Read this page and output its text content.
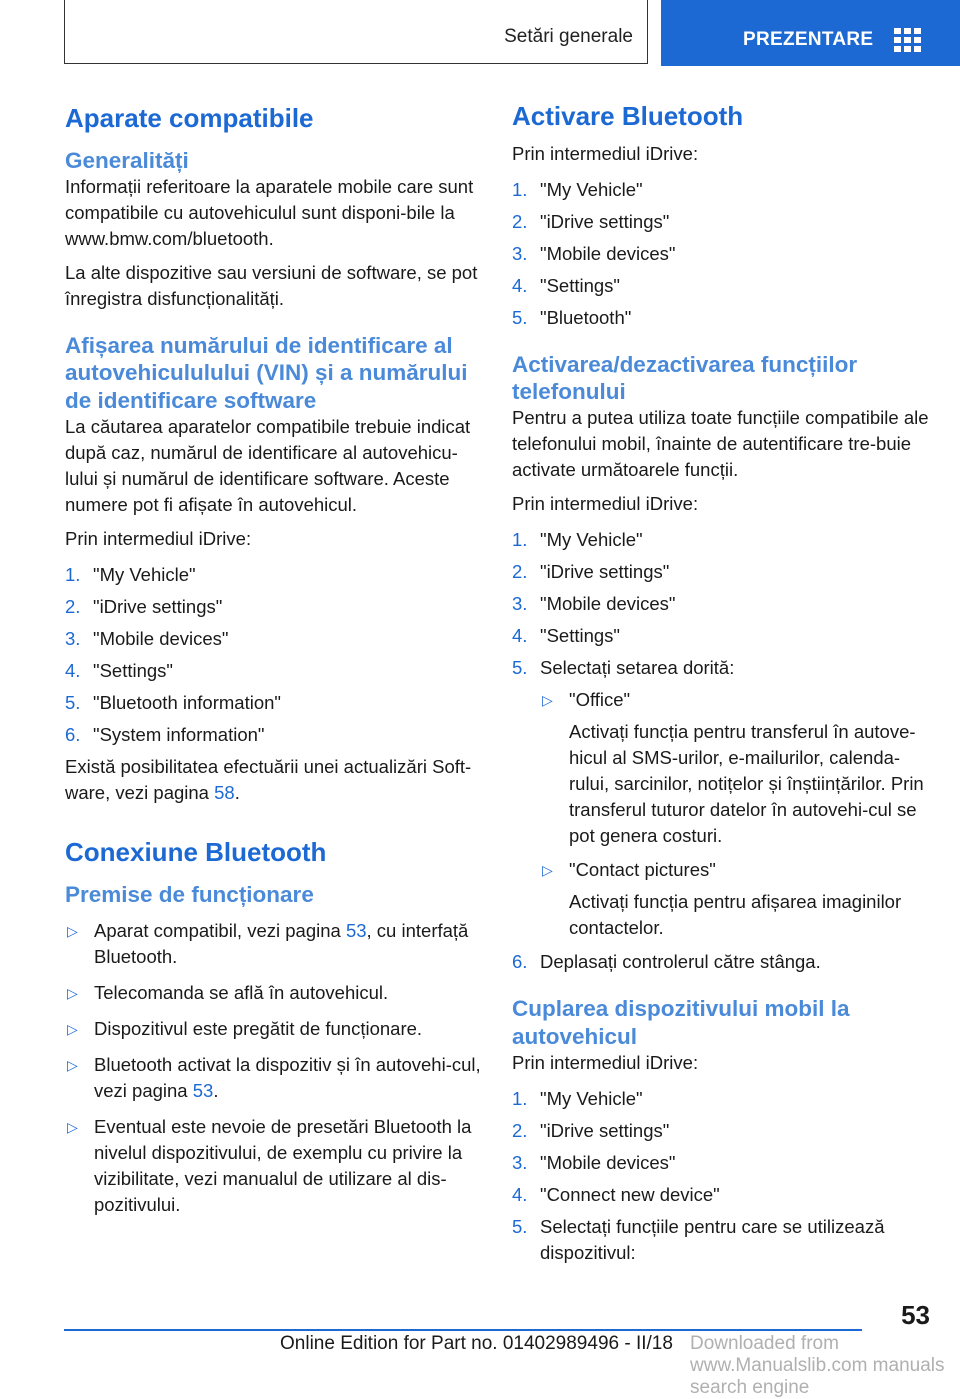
Setări generale	PREZENTARE
Aparate compatibile
Generalități

Informații referitoare la aparatele mobile care sunt compatibile cu autovehiculul sunt disponi‐bile la www.bmw.com/bluetooth.

La alte dispozitive sau versiuni de software, se pot înregistra disfuncționalități.

Afișarea numărului de identificare al autovehicululului (VIN) și a numărului de identificare software

La căutarea aparatelor compatibile trebuie indicat după caz, numărul de identificare al autovehicu‐lului și numărul de identificare software. Aceste numere pot fi afișate în autovehicul.

Prin intermediul iDrive:

1. "My Vehicle"
2. "iDrive settings"
3. "Mobile devices"
4. "Settings"
5. "Bluetooth information"
6. "System information"

Există posibilitatea efectuării unei actualizări Soft‐ware, vezi pagina 58.

Conexiune Bluetooth
Premise de funcționare
▷ Aparat compatibil, vezi pagina 53, cu interfață Bluetooth.
▷ Telecomanda se află în autovehicul.
▷ Dispozitivul este pregătit de funcționare.
▷ Bluetooth activat la dispozitiv și în autovehi‐cul, vezi pagina 53.
▷ Eventual este nevoie de presetări Bluetooth la nivelul dispozitivului, de exemplu cu privire la vizibilitate, vezi manualul de utilizare al dis‐pozitivului.
Activare Bluetooth

Prin intermediul iDrive:

1. "My Vehicle"
2. "iDrive settings"
3. "Mobile devices"
4. "Settings"
5. "Bluetooth"
Activarea/dezactivarea funcțiilor telefonului

Pentru a putea utiliza toate funcțiile compatibile ale telefonului mobil, înainte de autentificare tre‐buie activate următoarele funcții.

Prin intermediul iDrive:

1. "My Vehicle"
2. "iDrive settings"
3. "Mobile devices"
4. "Settings"
5. Selectați setarea dorită:
▷ "Office"
Activați funcția pentru transferul în autove‐hicul al SMS-urilor, e-mailurilor, calenda‐rului, sarcinilor, notițelor și înștiințărilor. Prin transferul tuturor datelor în autovehi‐cul se pot genera costuri.
▷ "Contact pictures"
Activați funcția pentru afișarea imaginilor contactelor.
6. Deplasați controlerul către stânga.
Cuplarea dispozitivului mobil la autovehicul

Prin intermediul iDrive:

1. "My Vehicle"
2. "iDrive settings"
3. "Mobile devices"
4. "Connect new device"
5. Selectați funcțiile pentru care se utilizează dispozitivul:
53
Online Edition for Part no. 01402989496 - II/18 Downloaded from www.Manualslib.com manuals search engine
